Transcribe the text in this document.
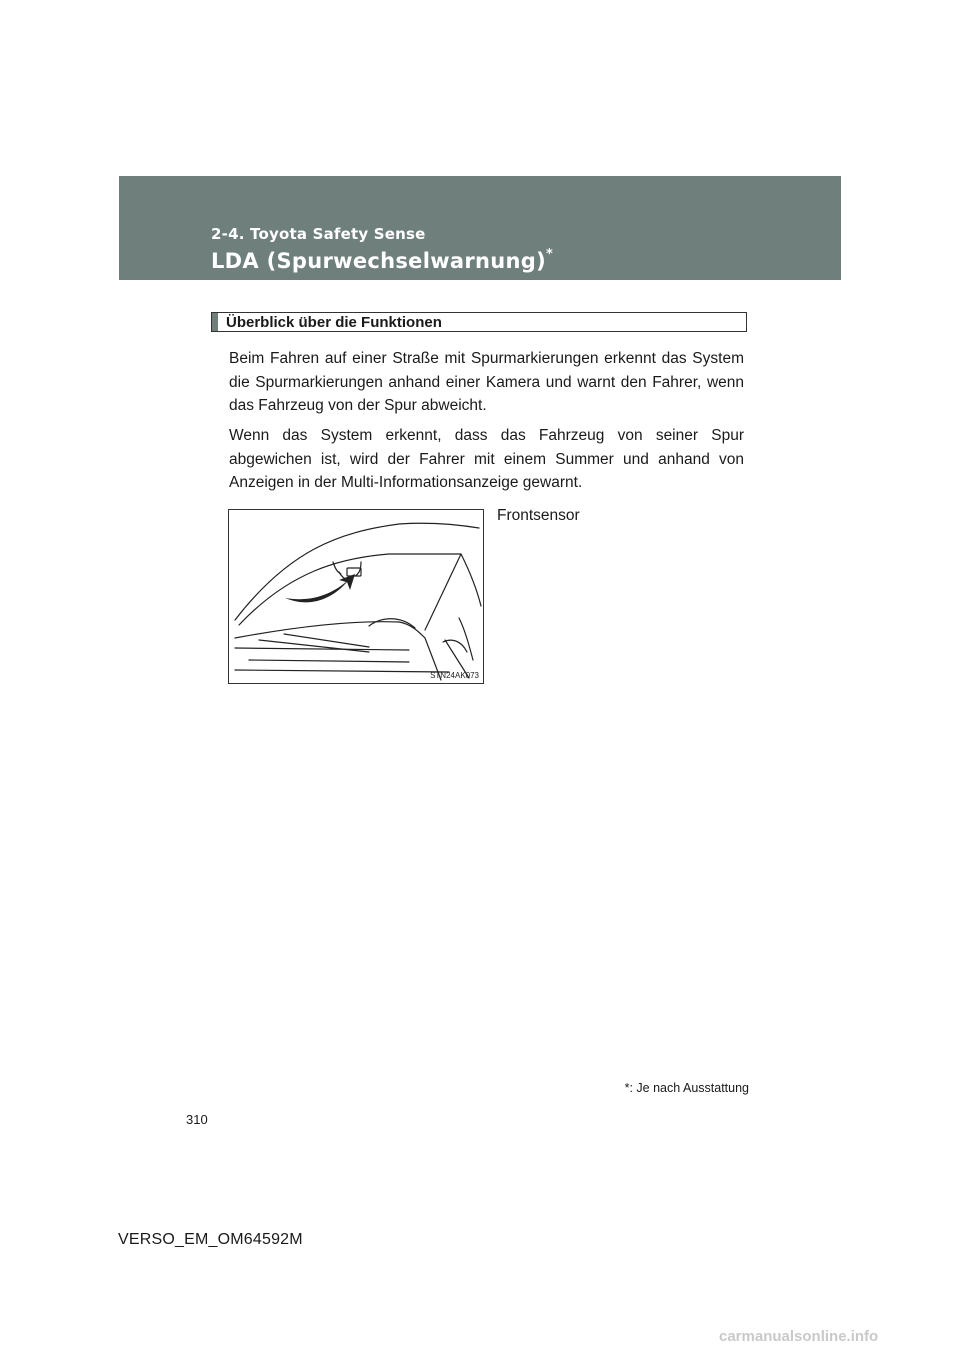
2-4. Toyota Safety Sense
LDA (Spurwechselwarnung)*
Überblick über die Funktionen

Beim Fahren auf einer Straße mit Spurmarkierungen erkennt das System die Spurmarkierungen anhand einer Kamera und warnt den Fahrer, wenn das Fahrzeug von der Spur abweicht.

Wenn das System erkennt, dass das Fahrzeug von seiner Spur abgewichen ist, wird der Fahrer mit einem Summer und anhand von Anzeigen in der Multi-Informationsanzeige gewarnt.

STN24AK073
Frontsensor
*: Je nach Ausstattung
310
VERSO_EM_OM64592M
carmanualsonline.info
